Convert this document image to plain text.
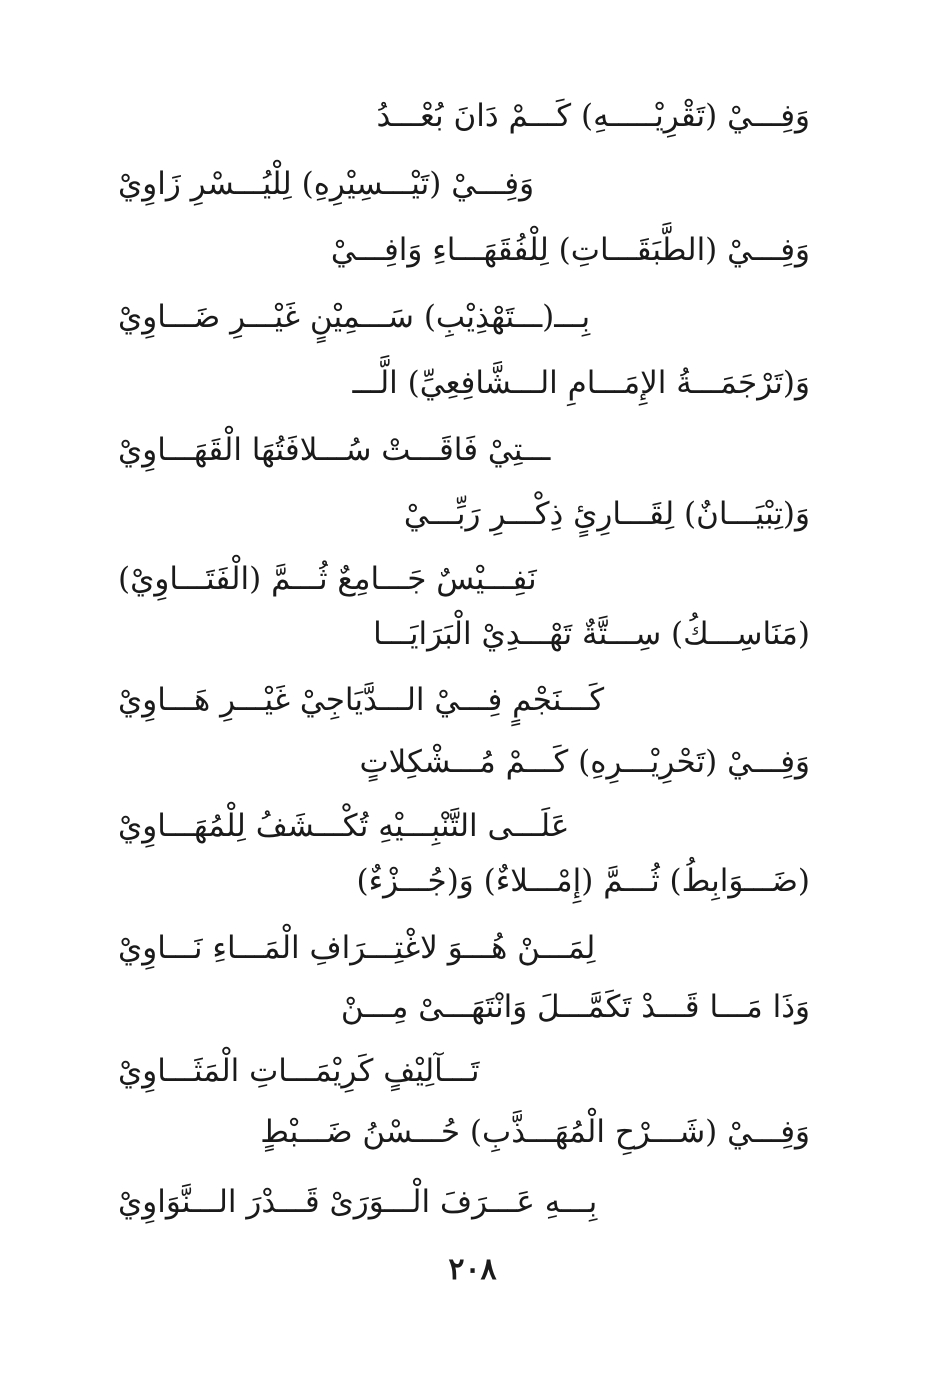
وَفِـــيْ (تَقْرِيْـــــهِ) كَـــمْ دَانَ بُعْـــدُ
وَفِـــيْ (تَيْـــسِيْرِهِ) لِلْيُـــسْرِ زَاوِيْ
وَفِـــيْ (الطَّبَقَـــاتِ) لِلْفُقَهَـــاءِ وَافِـــيْ
بِـــ(ـــتَهْذِيْبِ) سَـــمِيْنٍ غَيْـــرِ ضَـــاوِيْ
وَ(تَرْجَمَـــةُ الإِمَـــامِ الـــشَّافِعِيِّ) الَّـــ
ـــتِيْ فَاقَـــتْ سُـــلافَتُهَا الْقَهَـــاوِيْ
وَ(تِبْيَـــانٌ) لِقَـــارِئٍ ذِكْـــرِ رَبِّـــيْ
نَفِـــيْسٌ جَـــامِعٌ ثُـــمَّ (الْفَتَـــاوِيْ)
(مَنَاسِـــكُ) سِـــتَّةٌ تَهْـــدِيْ الْبَرَايَـــا
كَـــنَجْمٍ فِـــيْ الـــدَّيَاجِيْ غَيْـــرِ هَـــاوِيْ
وَفِـــيْ (تَحْرِيْـــرِهِ) كَـــمْ مُـــشْكِلاتٍ
عَلَـــى التَّنْبِـــيْهِ تُكْـــشَفُ لِلْمُهَـــاوِيْ
(ضَـــوَابِطُ) ثُـــمَّ (إِمْـــلاءٌ) وَ(جُـــزْءٌ)
لِمَـــنْ هُـــوَ لاغْتِـــرَافِ الْمَـــاءِ نَـــاوِيْ
وَذَا مَـــا قَـــدْ تَكَمَّـــلَ وَانْتَهَـــىْ مِـــنْ
تَـــآلِيْفٍ كَرِيْمَـــاتِ الْمَثَـــاوِيْ
وَفِـــيْ (شَـــرْحِ الْمُهَـــذَّبِ) حُـــسْنُ ضَـــبْطٍ
بِـــهِ عَـــرَفَ الْـــوَرَىْ قَـــدْرَ الـــنَّوَاوِيْ
٢٠٨
